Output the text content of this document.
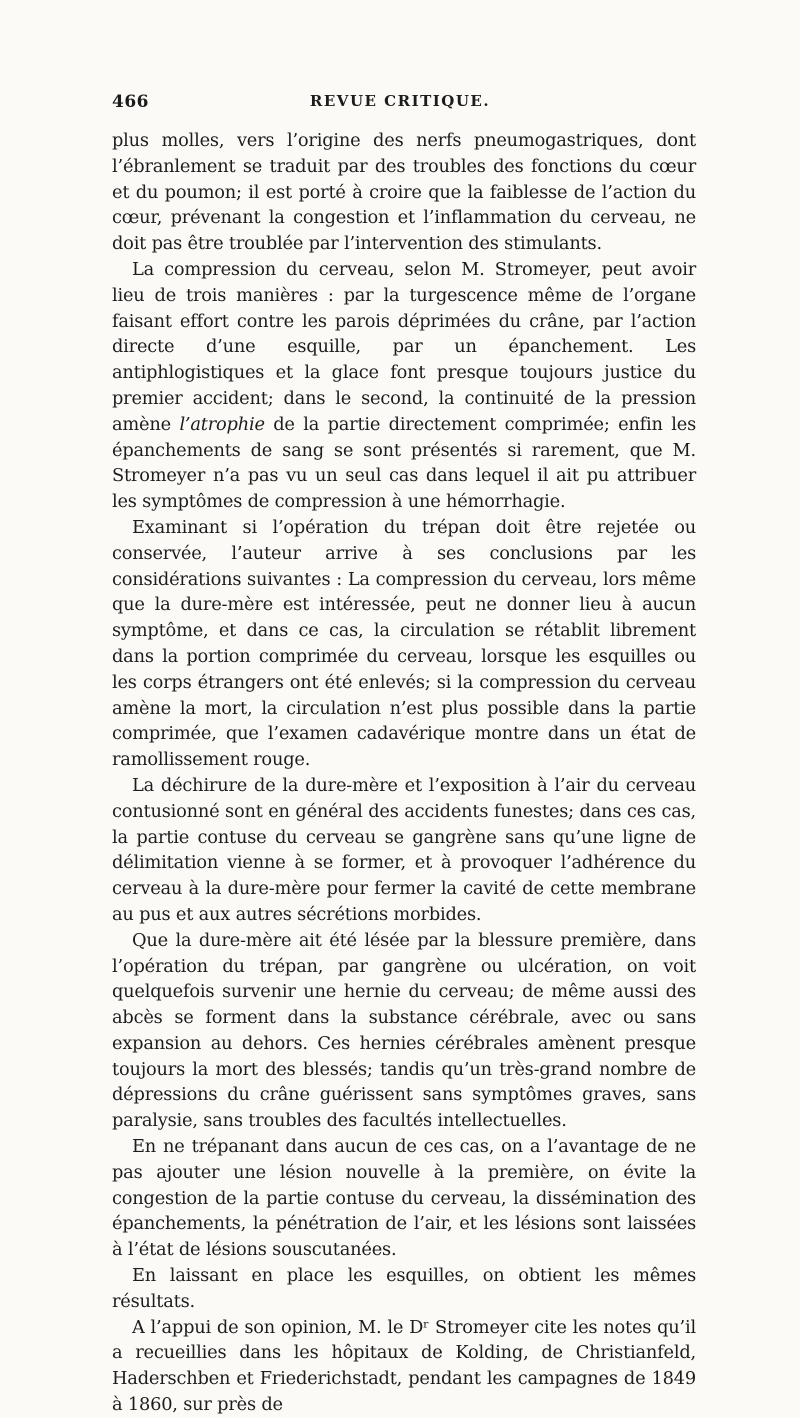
466	REVUE CRITIQUE.

plus molles, vers l’origine des nerfs pneumogastriques, dont l’ébranlement se traduit par des troubles des fonctions du cœur et du poumon; il est porté à croire que la faiblesse de l’action du cœur, prévenant la congestion et l’inflammation du cerveau, ne doit pas être troublée par l’intervention des stimulants.

La compression du cerveau, selon M. Stromeyer, peut avoir lieu de trois manières : par la turgescence même de l’organe faisant effort contre les parois déprimées du crâne, par l’action directe d’une esquille, par un épanchement. Les antiphlogistiques et la glace font presque toujours justice du premier accident; dans le second, la continuité de la pression amène l’atrophie de la partie directement comprimée; enfin les épanchements de sang se sont présentés si rarement, que M. Stromeyer n’a pas vu un seul cas dans lequel il ait pu attribuer les symptômes de compression à une hémorrhagie.

Examinant si l’opération du trépan doit être rejetée ou conservée, l’auteur arrive à ses conclusions par les considérations suivantes : La compression du cerveau, lors même que la dure-mère est intéressée, peut ne donner lieu à aucun symptôme, et dans ce cas, la circulation se rétablit librement dans la portion comprimée du cerveau, lorsque les esquilles ou les corps étrangers ont été enlevés; si la compression du cerveau amène la mort, la circulation n’est plus possible dans la partie comprimée, que l’examen cadavérique montre dans un état de ramollissement rouge.

La déchirure de la dure-mère et l’exposition à l’air du cerveau contusionné sont en général des accidents funestes; dans ces cas, la partie contuse du cerveau se gangrène sans qu’une ligne de délimitation vienne à se former, et à provoquer l’adhérence du cerveau à la dure-mère pour fermer la cavité de cette membrane au pus et aux autres sécrétions morbides.

Que la dure-mère ait été lésée par la blessure première, dans l’opération du trépan, par gangrène ou ulcération, on voit quelquefois survenir une hernie du cerveau; de même aussi des abcès se forment dans la substance cérébrale, avec ou sans expansion au dehors. Ces hernies cérébrales amènent presque toujours la mort des blessés; tandis qu’un très-grand nombre de dépressions du crâne guérissent sans symptômes graves, sans paralysie, sans troubles des facultés intellectuelles.

En ne trépanant dans aucun de ces cas, on a l’avantage de ne pas ajouter une lésion nouvelle à la première, on évite la congestion de la partie contuse du cerveau, la dissémination des épanchements, la pénétration de l’air, et les lésions sont laissées à l’état de lésions souscutanées.

En laissant en place les esquilles, on obtient les mêmes résultats.

A l’appui de son opinion, M. le Dʳ Stromeyer cite les notes qu’il a recueillies dans les hôpitaux de Kolding, de Christianfeld, Haderschben et Friederichstadt, pendant les campagnes de 1849 à 1860, sur près de
